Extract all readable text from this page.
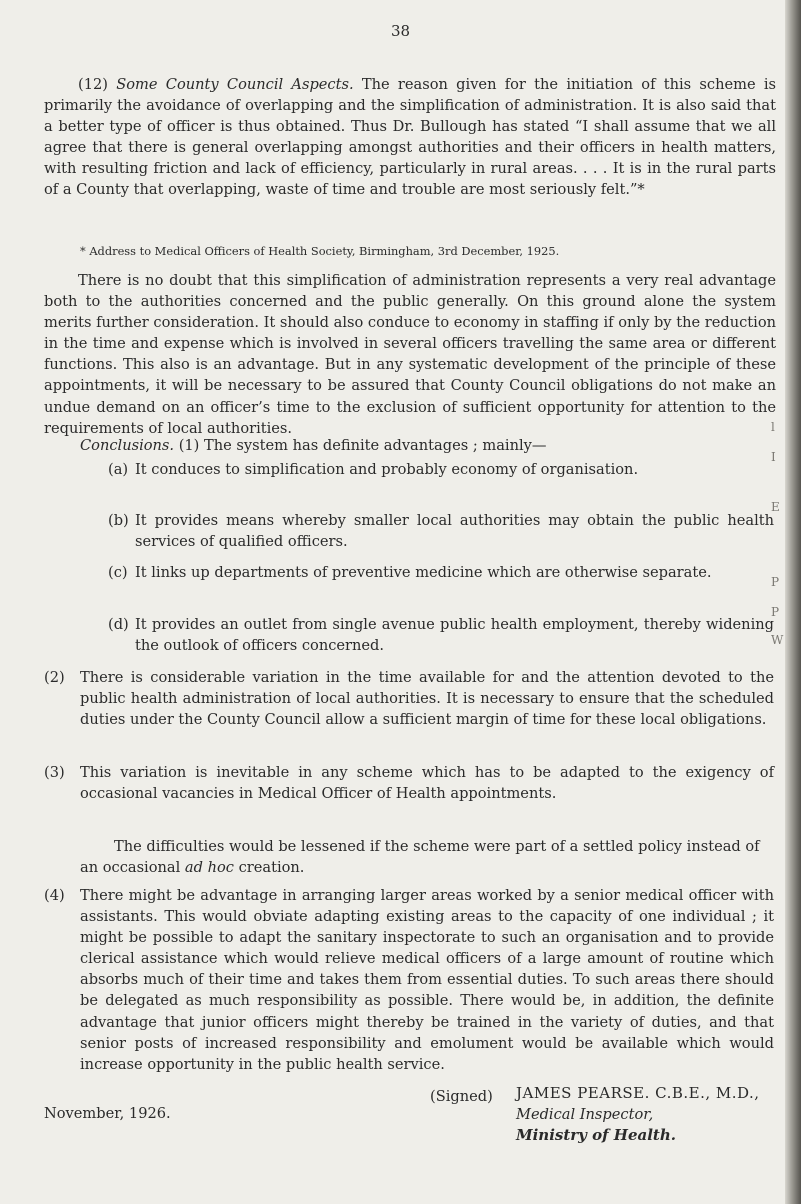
l
I
E
P
P
W
38
(12) Some County Council Aspects. The reason given for the initiation of this scheme is primarily the avoidance of overlapping and the simplification of administration. It is also said that a better type of officer is thus obtained. Thus Dr. Bullough has stated “I shall assume that we all agree that there is general overlapping amongst authorities and their officers in health matters, with resulting friction and lack of efficiency, particularly in rural areas. . . . It is in the rural parts of a County that overlapping, waste of time and trouble are most seriously felt.”*
* Address to Medical Officers of Health Society, Birmingham, 3rd December, 1925.
There is no doubt that this simplification of administration represents a very real advantage both to the authorities concerned and the public generally. On this ground alone the system merits further consideration. It should also conduce to economy in staffing if only by the reduction in the time and expense which is involved in several officers travelling the same area or different functions. This also is an advantage. But in any systematic development of the principle of these appointments, it will be necessary to be assured that County Council obligations do not make an undue demand on an officer’s time to the exclusion of sufficient opportunity for attention to the requirements of local authorities.
Conclusions. (1) The system has definite advantages ; mainly—
(a) It conduces to simplification and probably economy of organisation.
(b) It provides means whereby smaller local authorities may obtain the public health services of qualified officers.
(c) It links up departments of preventive medicine which are otherwise separate.
(d) It provides an outlet from single avenue public health employment, thereby widening the outlook of officers concerned.
(2) There is considerable variation in the time available for and the attention devoted to the public health administration of local authorities. It is necessary to ensure that the scheduled duties under the County Council allow a sufficient margin of time for these local obligations.
(3) This variation is inevitable in any scheme which has to be adapted to the exigency of occasional vacancies in Medical Officer of Health appointments.
The difficulties would be lessened if the scheme were part of a settled policy instead of an occasional ad hoc creation.
(4) There might be advantage in arranging larger areas worked by a senior medical officer with assistants. This would obviate adapting existing areas to the capacity of one individual ; it might be possible to adapt the sanitary inspectorate to such an organisation and to provide clerical assistance which would relieve medical officers of a large amount of routine which absorbs much of their time and takes them from essential duties. To such areas there should be delegated as much responsibility as possible. There would be, in addition, the definite advantage that junior officers might thereby be trained in the variety of duties, and that senior posts of increased responsibility and emolument would be available which would increase opportunity in the public health service.
(Signed) JAMES PEARSE. C.B.E., M.D.,
Medical Inspector,
Ministry of Health.
November, 1926.
